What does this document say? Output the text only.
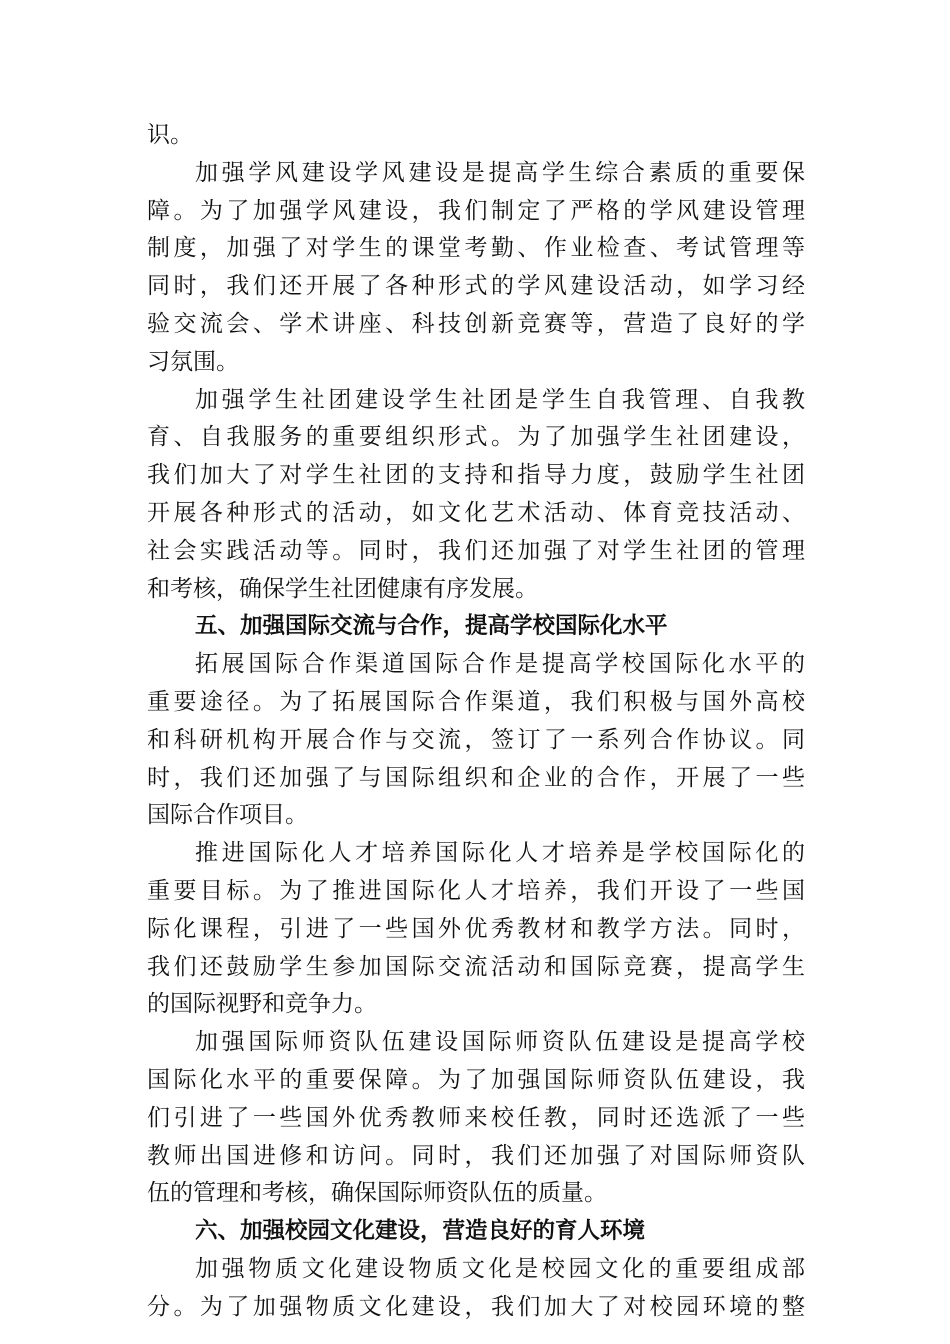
识。
加强学风建设学风建设是提高学生综合素质的重要保
障。为了加强学风建设，我们制定了严格的学风建设管理
制度，加强了对学生的课堂考勤、作业检查、考试管理等
同时，我们还开展了各种形式的学风建设活动，如学习经
验交流会、学术讲座、科技创新竞赛等，营造了良好的学
习氛围。
加强学生社团建设学生社团是学生自我管理、自我教
育、自我服务的重要组织形式。为了加强学生社团建设，
我们加大了对学生社团的支持和指导力度，鼓励学生社团
开展各种形式的活动，如文化艺术活动、体育竞技活动、
社会实践活动等。同时，我们还加强了对学生社团的管理
和考核，确保学生社团健康有序发展。
五、加强国际交流与合作，提高学校国际化水平
拓展国际合作渠道国际合作是提高学校国际化水平的
重要途径。为了拓展国际合作渠道，我们积极与国外高校
和科研机构开展合作与交流，签订了一系列合作协议。同
时，我们还加强了与国际组织和企业的合作，开展了一些
国际合作项目。
推进国际化人才培养国际化人才培养是学校国际化的
重要目标。为了推进国际化人才培养，我们开设了一些国
际化课程，引进了一些国外优秀教材和教学方法。同时，
我们还鼓励学生参加国际交流活动和国际竞赛，提高学生
的国际视野和竞争力。
加强国际师资队伍建设国际师资队伍建设是提高学校
国际化水平的重要保障。为了加强国际师资队伍建设，我
们引进了一些国外优秀教师来校任教，同时还选派了一些
教师出国进修和访问。同时，我们还加强了对国际师资队
伍的管理和考核，确保国际师资队伍的质量。
六、加强校园文化建设，营造良好的育人环境
加强物质文化建设物质文化是校园文化的重要组成部
分。为了加强物质文化建设，我们加大了对校园环境的整
